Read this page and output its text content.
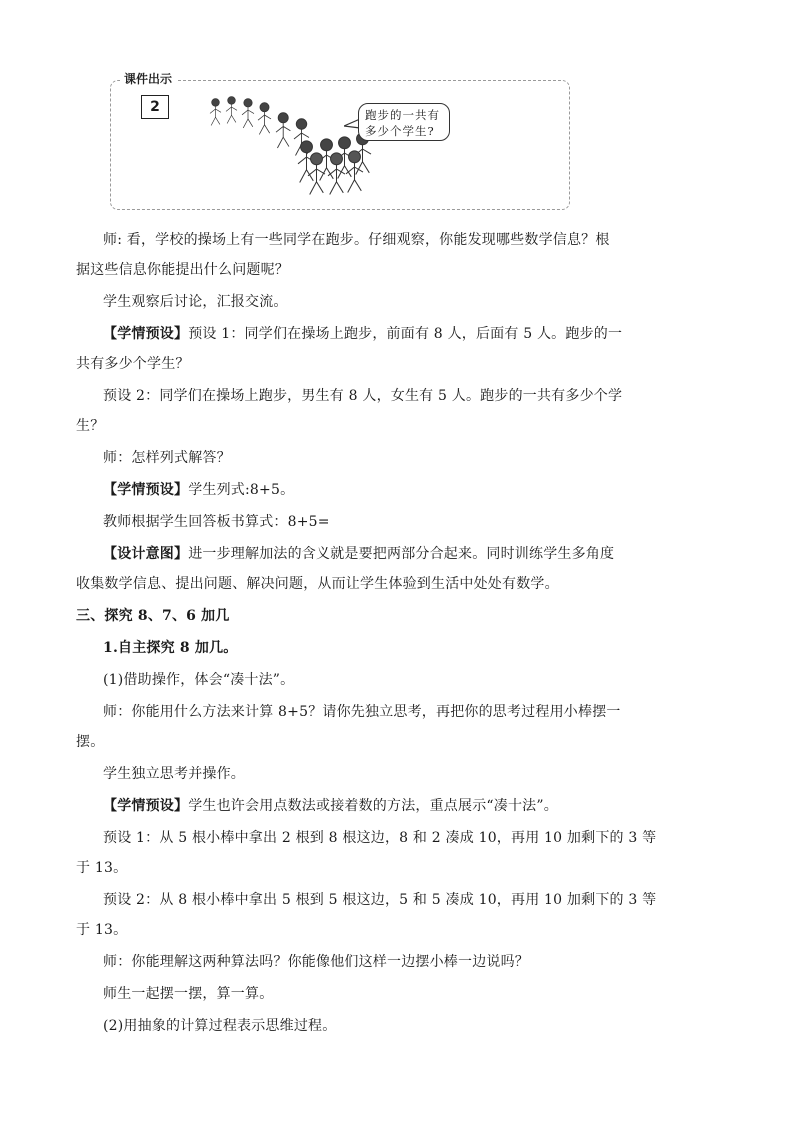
课件出示
2	跑步的一共有
多少个学生?
师: 看，学校的操场上有一些同学在跑步。仔细观察，你能发现哪些数学信息？根
据这些信息你能提出什么问题呢？
学生观察后讨论，汇报交流。
【学情预设】预设 1：同学们在操场上跑步，前面有 8 人，后面有 5 人。跑步的一
共有多少个学生？
预设 2：同学们在操场上跑步，男生有 8 人，女生有 5 人。跑步的一共有多少个学
生？
师：怎样列式解答？
【学情预设】学生列式:8+5。
教师根据学生回答板书算式：8+5=
【设计意图】进一步理解加法的含义就是要把两部分合起来。同时训练学生多角度
收集数学信息、提出问题、解决问题，从而让学生体验到生活中处处有数学。
三、探究 8、7、6 加几
1.自主探究 8 加几。
(1)借助操作，体会“凑十法”。
师：你能用什么方法来计算 8+5？请你先独立思考，再把你的思考过程用小棒摆一
摆。
学生独立思考并操作。
【学情预设】学生也许会用点数法或接着数的方法，重点展示“凑十法”。
预设 1：从 5 根小棒中拿出 2 根到 8 根这边，8 和 2 凑成 10，再用 10 加剩下的 3 等
于 13。
预设 2：从 8 根小棒中拿出 5 根到 5 根这边，5 和 5 凑成 10，再用 10 加剩下的 3 等
于 13。
师：你能理解这两种算法吗？你能像他们这样一边摆小棒一边说吗？
师生一起摆一摆，算一算。
(2)用抽象的计算过程表示思维过程。
